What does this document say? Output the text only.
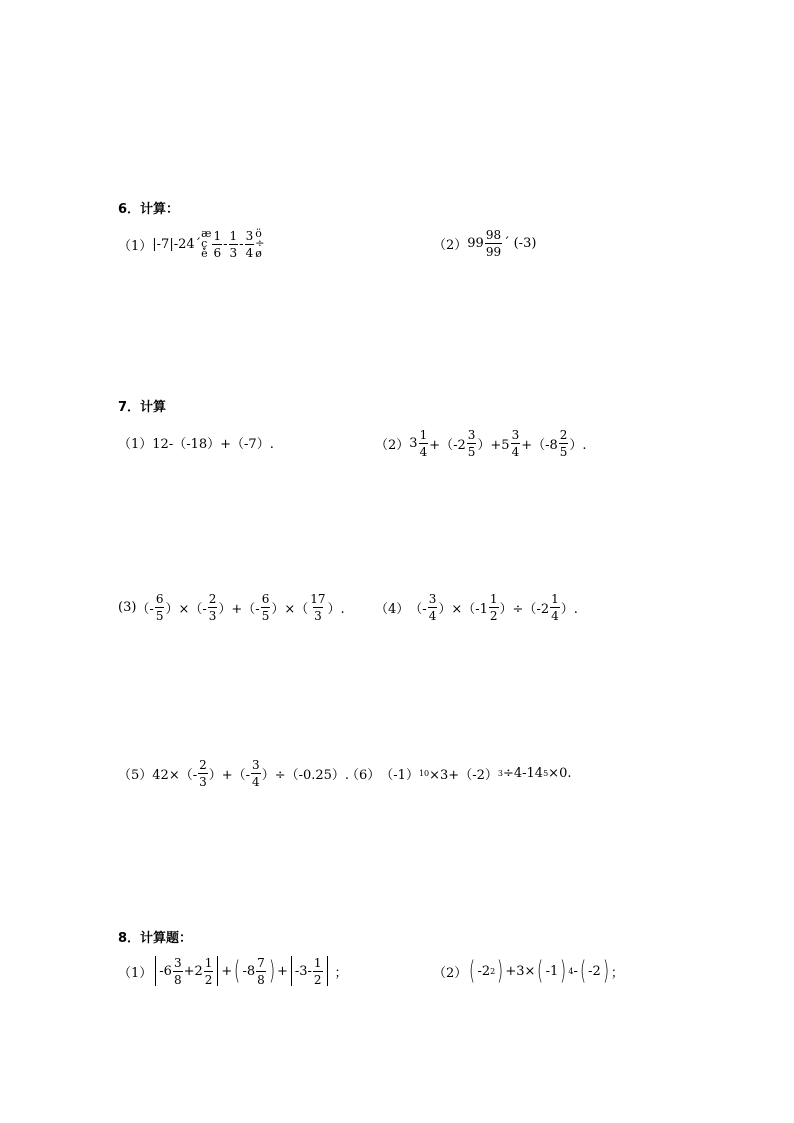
6．计算：
（1） |-7|-24 ´
æ
ç
è $\frac{1}{6} - \frac{1}{3} - \frac{3}{4}$ ö
÷
ø
（2） $99 \frac{98}{99}$ ´ (-3)
7．计算
（1） 12-（-18）+（-7）.	（2） $3 \frac{1}{4} +(-2 \frac{3}{5} )+5 \frac{3}{4} +(-8 \frac{2}{5}$ ）.
(3) （- $\frac{6}{5}$ ）×（- $\frac{2}{3}$ ）+（- $\frac{6}{5}$ ）×（ $\frac{17}{3}$ ）. （4） （- $\frac{3}{4} )\times(-1 \frac{1}{2} )\div(-2 \frac{1}{4}$ ）.
（5） $42\times(- \frac{2}{3}$ ）+（- $\frac{3}{4} )\div(-0.25)$.
（6） （-1） 10 ×3+（-2） 3 ÷4-14 5 ×0.
8．计算题：
（1） $-6 \frac{3}{8} +2 \frac{1}{2}$ + ( $-8 \frac{7}{8}$ ) + $-3- \frac{1}{2}$ ；	（2） ( -2 2 ) +3× ( -1 ) 4 - ( -2 ) ；
